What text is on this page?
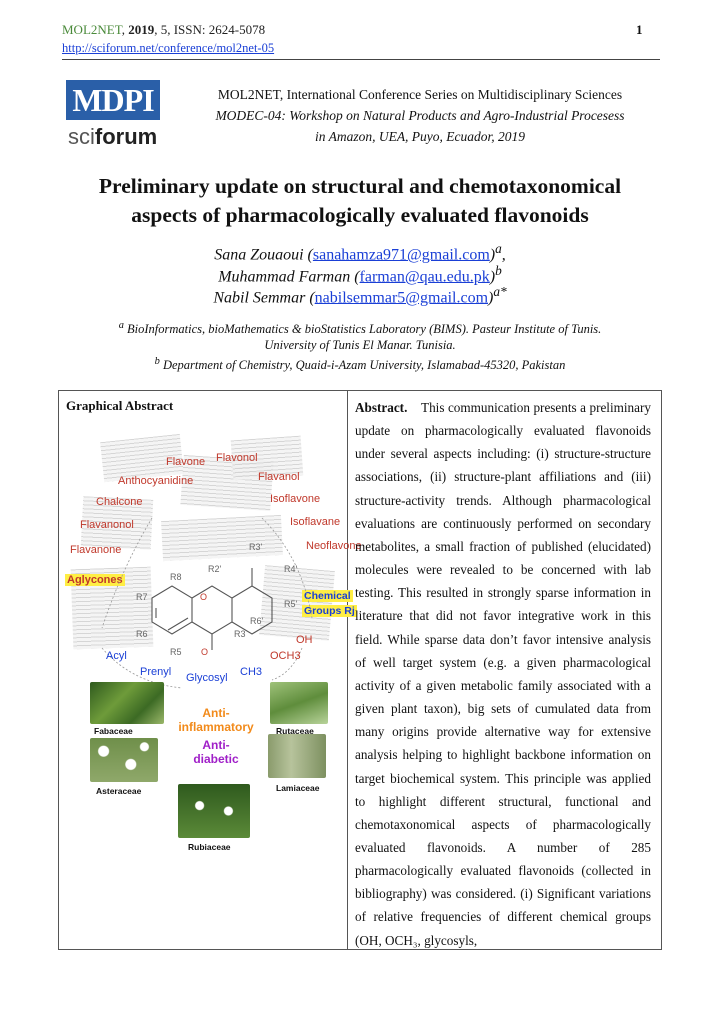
MOL2NET, 2019, 5, ISSN: 2624-5078	1
http://sciforum.net/conference/mol2net-05
MDPI
sciforum
MOL2NET, International Conference Series on Multidisciplinary Sciences
MODEC-04: Workshop on Natural Products and Agro-Industrial Procesess
in Amazon, UEA, Puyo, Ecuador, 2019
Preliminary update on structural and chemotaxonomical
aspects of pharmacologically evaluated flavonoids
Sana Zouaoui (sanahamza971@gmail.com)$^a$,
Muhammad Farman (farman@qau.edu.pk)$^b$
Nabil Semmar (nabilsemmar5@gmail.com)$^{a*}$
$^a$ BioInformatics, bioMathematics & bioStatistics Laboratory (BIMS). Pasteur Institute of Tunis.
University of Tunis El Manar. Tunisia.
$^b$ Department of Chemistry, Quaid-i-Azam University, Islamabad-45320, Pakistan
Graphical Abstract
Flavone Flavonol
Anthocyanidine	Flavanol
Chalcone	Isoflavone
Flavanonol	Isoflavane
Flavanone	Neoflavone
Aglycones
Chemical
Groups Rj
R3'
R2'	R4'
R8
R7
R5'
R6'
R6	R3
R5
O
O
OH
OCH3
Acyl
Prenyl	CH3
Glycosyl
Fabaceae	Rutaceae
Asteraceae	Lamiaceae
Rubiaceae
Anti-
inflammatory
Anti-
diabetic
Abstract. This communication presents a preliminary update on pharmacologically evaluated flavonoids under several aspects including: (i) structure-structure associations, (ii) structure-plant affiliations and (iii) structure-activity trends. Although pharmacological evaluations are continuously performed on secondary metabolites, a small fraction of published (elucidated) molecules were revealed to be concerned with lab testing. This resulted in strongly sparse information in literature that did not favor integrative work in this field. While sparse data don’t favor intensive analysis of well target system (e.g. a given pharmacological activity of a given metabolic family associated with a given plant taxon), big sets of cumulated data from many origins provide alternative way for extensive analysis helping to highlight backbone information on target biochemical system. This principle was applied to highlight different structural, functional and chemotaxonomical aspects of pharmacologically evaluated flavonoids. A number of 285 pharmacologically evaluated flavonoids (collected in bibliography) was considered. (i) Significant variations of relative frequencies of different chemical groups (OH, OCH₃, glycosyls,
